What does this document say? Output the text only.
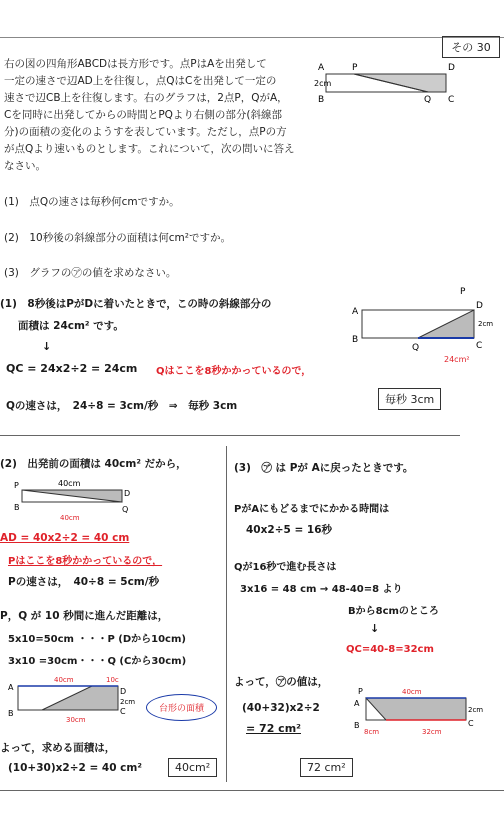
その 30
右の図の四角形ABCDは長方形です。点PはAを出発して
一定の速さで辺AD上を往復し，点QはCを出発して一定の
速さで辺CB上を往復します。右のグラフは，2点P，QがA，
Cを同時に出発してからの時間とPQより右側の部分(斜線部
分)の面積の変化のようすを表しています。ただし，点Pの方
が点Qより速いものとします。これについて，次の問いに答え
なさい。
(1)　点Qの速さは毎秒何cmですか。
(2)　10秒後の斜線部分の面積は何cm²ですか。
(3)　グラフの㋐の値を求めなさい。
A
B
D
C
P
Q
2cm
(1)　8秒後はPがDに着いたときで，この時の斜線部分の
面積は 24cm² です。
↓
QC = 24x2÷2 = 24cm Qはここを8秒かかっているので，
Qの速さは，　24÷8 = 3cm/秒　⇒　毎秒 3cm	毎秒 3cm
A
B
P
D
Q	C
2cm
24cm²
(2)　出発前の面積は 40cm² だから，
40cm
P
D
B	Q
40cm
AD = 40x2÷2 = 40 cm
Pはここを8秒かかっているので，
Pの速さは，　40÷8 = 5cm/秒
P，Q が 10 秒間に進んだ距離は，
5x10=50cm ・・・P (Dから10cm)
3x10 =30cm・・・Q (Cから30cm)
A
B
D
C
40cm	10c
2cm
30cm
台形の面積
よって，求める面積は，
(10+30)x2÷2 = 40 cm²	40cm²
(3)　㋐ は Pが Aに戻ったときです。
PがAにもどるまでにかかる時間は
40x2÷5 = 16秒
Qが16秒で進む長さは
3x16 = 48 cm → 48-40=8 より
Bから8cmのところ
↓
QC=40-8=32cm
よって，㋐の値は，
(40+32)x2÷2
= 72 cm²
72 cm²
P
A
B	C
40cm
8cm	32cm
2cm
